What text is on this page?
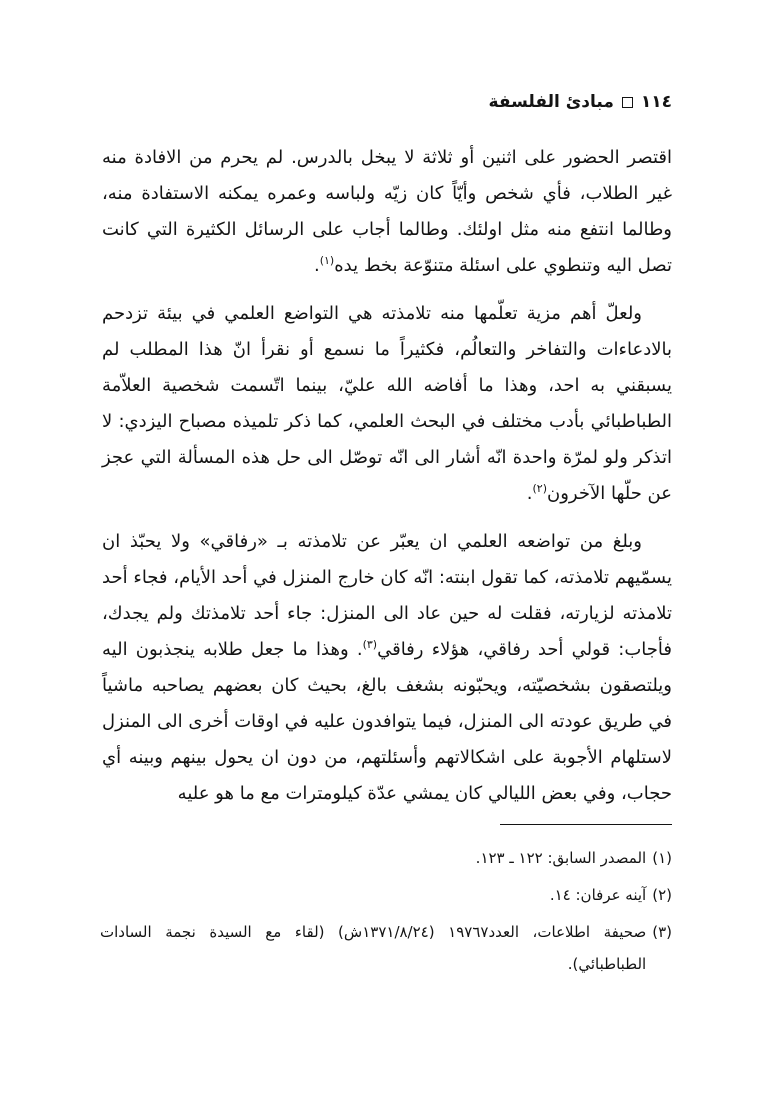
١١٤
مبادئ الفلسفة

اقتصر الحضور على اثنين أو ثلاثة لا يبخل بالدرس. لم يحرم من الافادة منه غير الطلاب، فأي شخص وأيّاً كان زيّه ولباسه وعمره يمكنه الاستفادة منه، وطالما انتفع منه مثل اولئك. وطالما أجاب على الرسائل الكثيرة التي كانت تصل اليه وتنطوي على اسئلة متنوّعة بخط يده$^{(١)}$.

ولعلّ أهم مزية تعلّمها منه تلامذته هي التواضع العلمي في بيئة تزدحم بالادعاءات والتفاخر والتعالُم، فكثيراً ما نسمع أو نقرأ انّ هذا المطلب لم يسبقني به احد، وهذا ما أفاضه الله عليّ، بينما اتّسمت شخصية العلاّمة الطباطبائي بأدب مختلف في البحث العلمي، كما ذكر تلميذه مصباح اليزدي: لا اتذكر ولو لمرّة واحدة انّه أشار الى انّه توصّل الى حل هذه المسألة التي عجز عن حلّها الآخرون$^{(٢)}$.

وبلغ من تواضعه العلمي ان يعبّر عن تلامذته بـ «رفاقي» ولا يحبّذ ان يسمّيهم تلامذته، كما تقول ابنته: انّه كان خارج المنزل في أحد الأيام، فجاء أحد تلامذته لزيارته، فقلت له حين عاد الى المنزل: جاء أحد تلامذتك ولم يجدك، فأجاب: قولي أحد رفاقي، هؤلاء رفاقي$^{(٣)}$. وهذا ما جعل طلابه ينجذبون اليه ويلتصقون بشخصيّته، ويحبّونه بشغف بالغ، بحيث كان بعضهم يصاحبه ماشياً في طريق عودته الى المنزل، فيما يتوافدون عليه في اوقات أخرى الى المنزل لاستلهام الأجوبة على اشكالاتهم وأسئلتهم، من دون ان يحول بينهم وبينه أي حجاب، وفي بعض الليالي كان يمشي عدّة كيلومترات مع ما هو عليه

(١)
المصدر السابق: ١٢٢ ـ ١٢٣.
(٢)
آينه عرفان: ١٤.
(٣)
صحيفة اطلاعات، العدد١٩٧٦٧ (١٣٧١/٨/٢٤ش) (لقاء مع السيدة نجمة السادات الطباطبائي).
